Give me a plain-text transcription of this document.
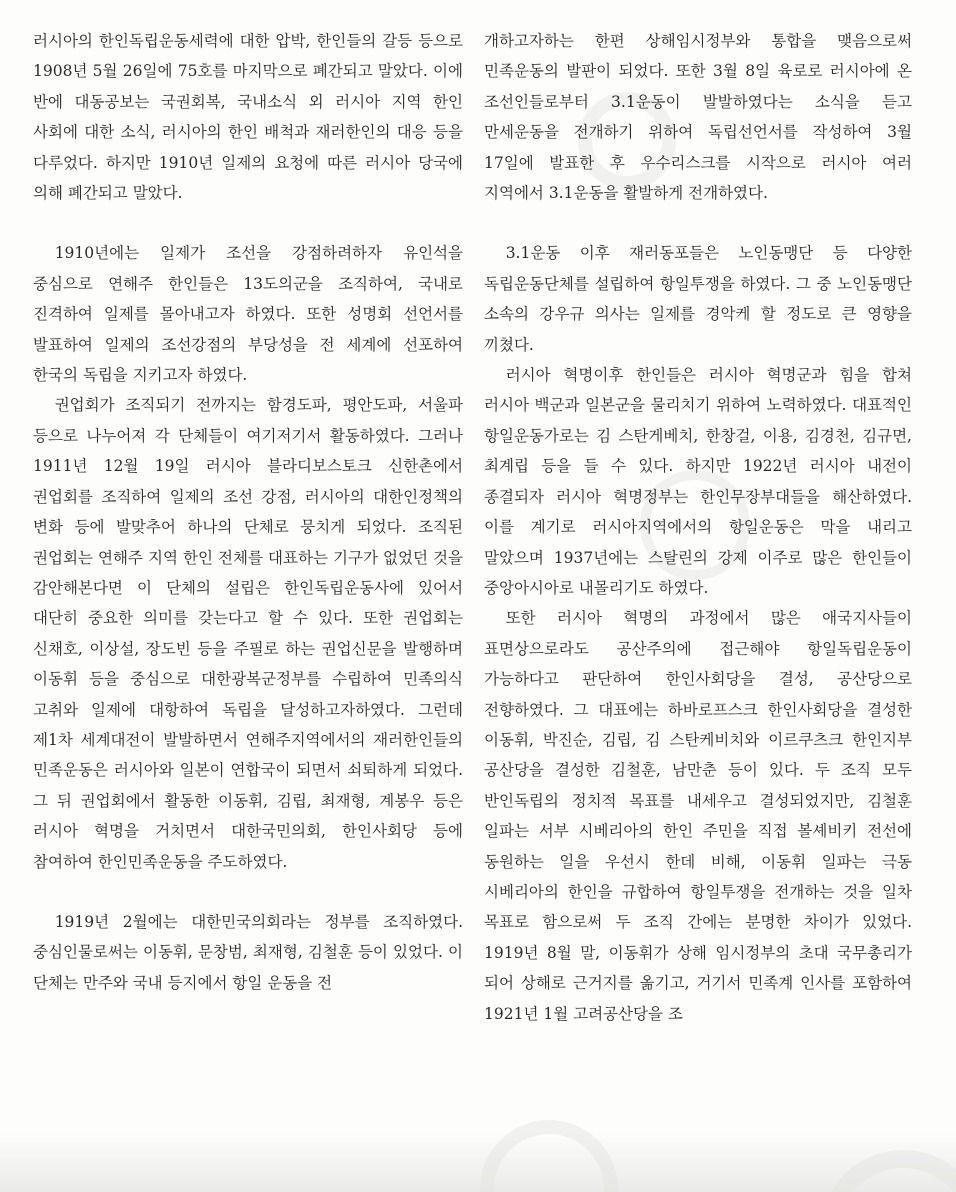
러시아의 한인독립운동세력에 대한 압박, 한인들의 갈등 등으로 1908년 5월 26일에 75호를 마지막으로 폐간되고 말았다. 이에 반에 대동공보는 국권회복, 국내소식 외 러시아 지역 한인 사회에 대한 소식, 러시아의 한인 배척과 재러한인의 대응 등을 다루었다. 하지만 1910년 일제의 요청에 따른 러시아 당국에 의해 폐간되고 말았다.

1910년에는 일제가 조선을 강점하려하자 유인석을 중심으로 연해주 한인들은 13도의군을 조직하여, 국내로 진격하여 일제를 몰아내고자 하였다. 또한 성명회 선언서를 발표하여 일제의 조선강점의 부당성을 전 세계에 선포하여 한국의 독립을 지키고자 하였다.

권업회가 조직되기 전까지는 함경도파, 평안도파, 서울파 등으로 나누어져 각 단체들이 여기저기서 활동하였다. 그러나 1911년 12월 19일 러시아 블라디보스토크 신한촌에서 권업회를 조직하여 일제의 조선 강점, 러시아의 대한인정책의 변화 등에 발맞추어 하나의 단체로 뭉치게 되었다. 조직된 권업회는 연해주 지역 한인 전체를 대표하는 기구가 없었던 것을 감안해본다면 이 단체의 설립은 한인독립운동사에 있어서 대단히 중요한 의미를 갖는다고 할 수 있다. 또한 권업회는 신채호, 이상설, 장도빈 등을 주필로 하는 권업신문을 발행하며 이동휘 등을 중심으로 대한광복군정부를 수립하여 민족의식 고취와 일제에 대항하여 독립을 달성하고자하였다. 그런데 제1차 세계대전이 발발하면서 연해주지역에서의 재러한인들의 민족운동은 러시아와 일본이 연합국이 되면서 쇠퇴하게 되었다. 그 뒤 권업회에서 활동한 이동휘, 김립, 최재형, 계봉우 등은 러시아 혁명을 거치면서 대한국민의회, 한인사회당 등에 참여하여 한인민족운동을 주도하였다.

1919년 2월에는 대한민국의회라는 정부를 조직하였다. 중심인물로써는 이동휘, 문창범, 최재형, 김철훈 등이 있었다. 이 단체는 만주와 국내 등지에서 항일 운동을 전

개하고자하는 한편 상해임시정부와 통합을 맺음으로써 민족운동의 발판이 되었다. 또한 3월 8일 육로로 러시아에 온 조선인들로부터 3.1운동이 발발하였다는 소식을 듣고 만세운동을 전개하기 위하여 독립선언서를 작성하여 3월 17일에 발표한 후 우수리스크를 시작으로 러시아 여러 지역에서 3.1운동을 활발하게 전개하였다.

3.1운동 이후 재러동포들은 노인동맹단 등 다양한 독립운동단체를 설립하여 항일투쟁을 하였다. 그 중 노인동맹단 소속의 강우규 의사는 일제를 경악케 할 정도로 큰 영향을 끼쳤다.

러시아 혁명이후 한인들은 러시아 혁명군과 힘을 합쳐 러시아 백군과 일본군을 물리치기 위하여 노력하였다. 대표적인 항일운동가로는 김 스탄게베치, 한창걸, 이용, 김경천, 김규면, 최계립 등을 들 수 있다. 하지만 1922년 러시아 내전이 종결되자 러시아 혁명정부는 한인무장부대들을 해산하였다. 이를 계기로 러시아지역에서의 항일운동은 막을 내리고 말았으며 1937년에는 스탈린의 강제 이주로 많은 한인들이 중앙아시아로 내몰리기도 하였다.

또한 러시아 혁명의 과정에서 많은 애국지사들이 표면상으로라도 공산주의에 접근해야 항일독립운동이 가능하다고 판단하여 한인사회당을 결성, 공산당으로 전향하였다. 그 대표에는 하바로프스크 한인사회당을 결성한 이동휘, 박진순, 김립, 김 스탄케비치와 이르쿠츠크 한인지부 공산당을 결성한 김철훈, 남만춘 등이 있다. 두 조직 모두 반인독립의 정치적 목표를 내세우고 결성되었지만, 김철훈 일파는 서부 시베리아의 한인 주민을 직접 볼셰비키 전선에 동원하는 일을 우선시 한데 비해, 이동휘 일파는 극동 시베리아의 한인을 규합하여 항일투쟁을 전개하는 것을 일차 목표로 함으로써 두 조직 간에는 분명한 차이가 있었다. 1919년 8월 말, 이동휘가 상해 임시정부의 초대 국무총리가 되어 상해로 근거지를 옮기고, 거기서 민족계 인사를 포함하여 1921년 1월 고려공산당을 조
